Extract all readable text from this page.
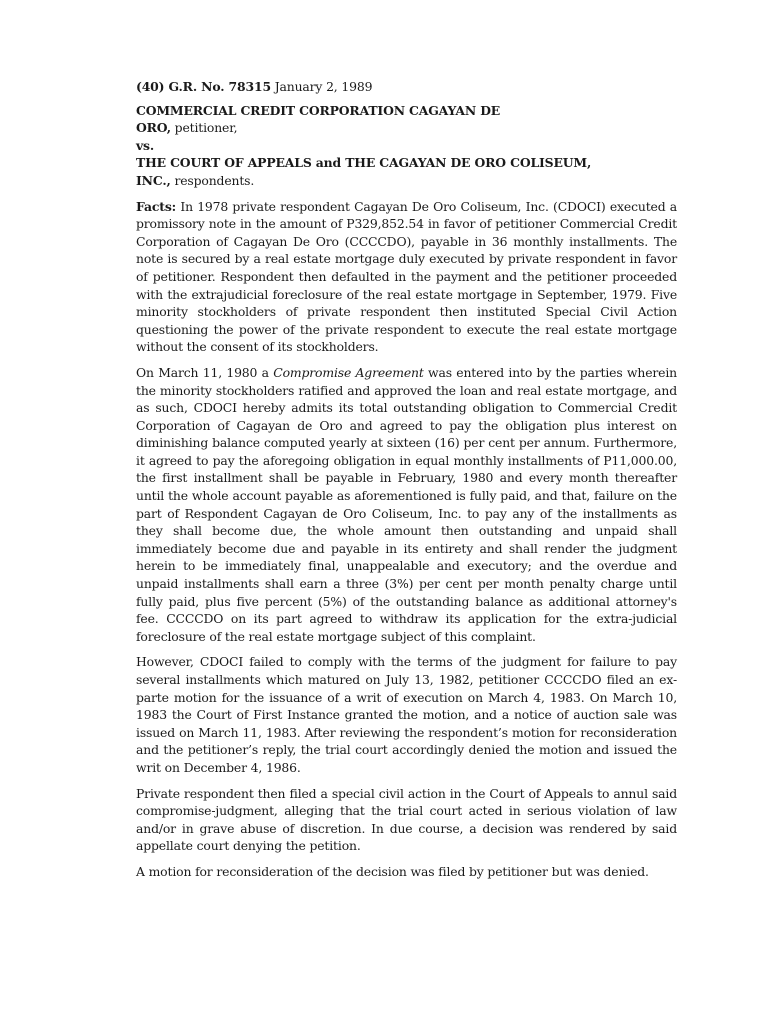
(40) G.R. No. 78315 January 2, 1989

COMMERCIAL CREDIT CORPORATION CAGAYAN DE

ORO, petitioner,

vs.

THE COURT OF APPEALS and THE CAGAYAN DE ORO COLISEUM,

INC., respondents.

Facts: In 1978 private respondent Cagayan De Oro Coliseum, Inc. (CDOCI) executed a promissory note in the amount of P329,852.54 in favor of petitioner Commercial Credit Corporation of Cagayan De Oro (CCCCDO), payable in 36 monthly installments. The note is secured by a real estate mortgage duly executed by private respondent in favor of petitioner. Respondent then defaulted in the payment and the petitioner proceeded with the extrajudicial foreclosure of the real estate mortgage in September, 1979. Five minority stockholders of private respondent then instituted Special Civil Action questioning the power of the private respondent to execute the real estate mortgage without the consent of its stockholders.

On March 11, 1980 a Compromise Agreement was entered into by the parties wherein the minority stockholders ratified and approved the loan and real estate mortgage, and as such, CDOCI hereby admits its total outstanding obligation to Commercial Credit Corporation of Cagayan de Oro and agreed to pay the obligation plus interest on diminishing balance computed yearly at sixteen (16) per cent per annum. Furthermore, it agreed to pay the aforegoing obligation in equal monthly installments of P11,000.00, the first installment shall be payable in February, 1980 and every month thereafter until the whole account payable as aforementioned is fully paid, and that, failure on the part of Respondent Cagayan de Oro Coliseum, Inc. to pay any of the installments as they shall become due, the whole amount then outstanding and unpaid shall immediately become due and payable in its entirety and shall render the judgment herein to be immediately final, unappealable and executory; and the overdue and unpaid installments shall earn a three (3%) per cent per month penalty charge until fully paid, plus five percent (5%) of the outstanding balance as additional attorney's fee. CCCCDO on its part agreed to withdraw its application for the extra-judicial foreclosure of the real estate mortgage subject of this complaint.

However, CDOCI failed to comply with the terms of the judgment for failure to pay several installments which matured on July 13, 1982, petitioner CCCCDO filed an ex-parte motion for the issuance of a writ of execution on March 4, 1983. On March 10, 1983 the Court of First Instance granted the motion, and a notice of auction sale was issued on March 11, 1983. After reviewing the respondent’s motion for reconsideration and the petitioner’s reply, the trial court accordingly denied the motion and issued the writ on December 4, 1986.

Private respondent then filed a special civil action in the Court of Appeals to annul said compromise-judgment, alleging that the trial court acted in serious violation of law and/or in grave abuse of discretion. In due course, a decision was rendered by said appellate court denying the petition.

A motion for reconsideration of the decision was filed by petitioner but was denied.
